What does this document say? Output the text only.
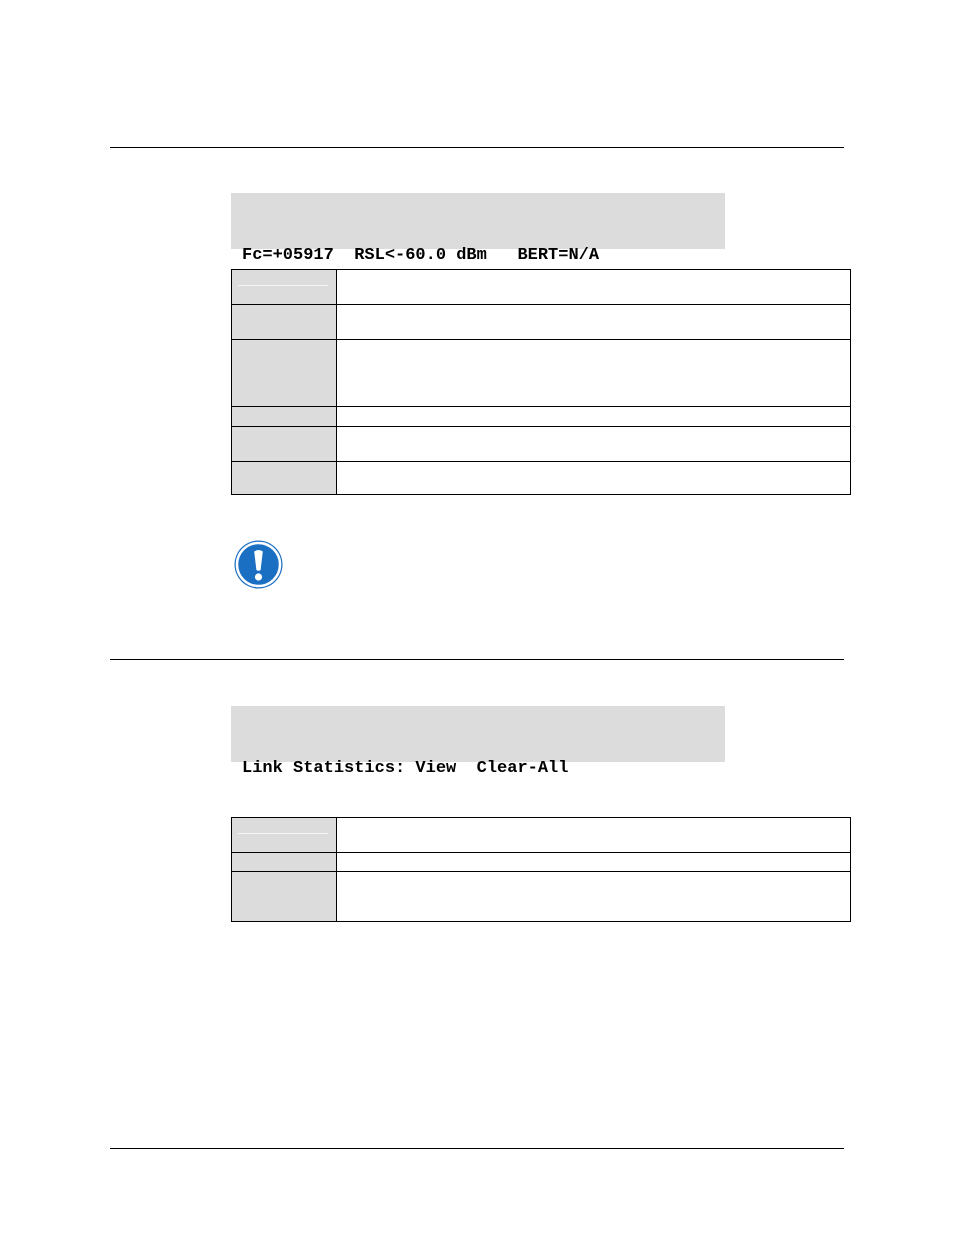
Fc=+05917  RSL<-60.0 dBm   BERT=N/A

Link Statistics: View  Clear-All
